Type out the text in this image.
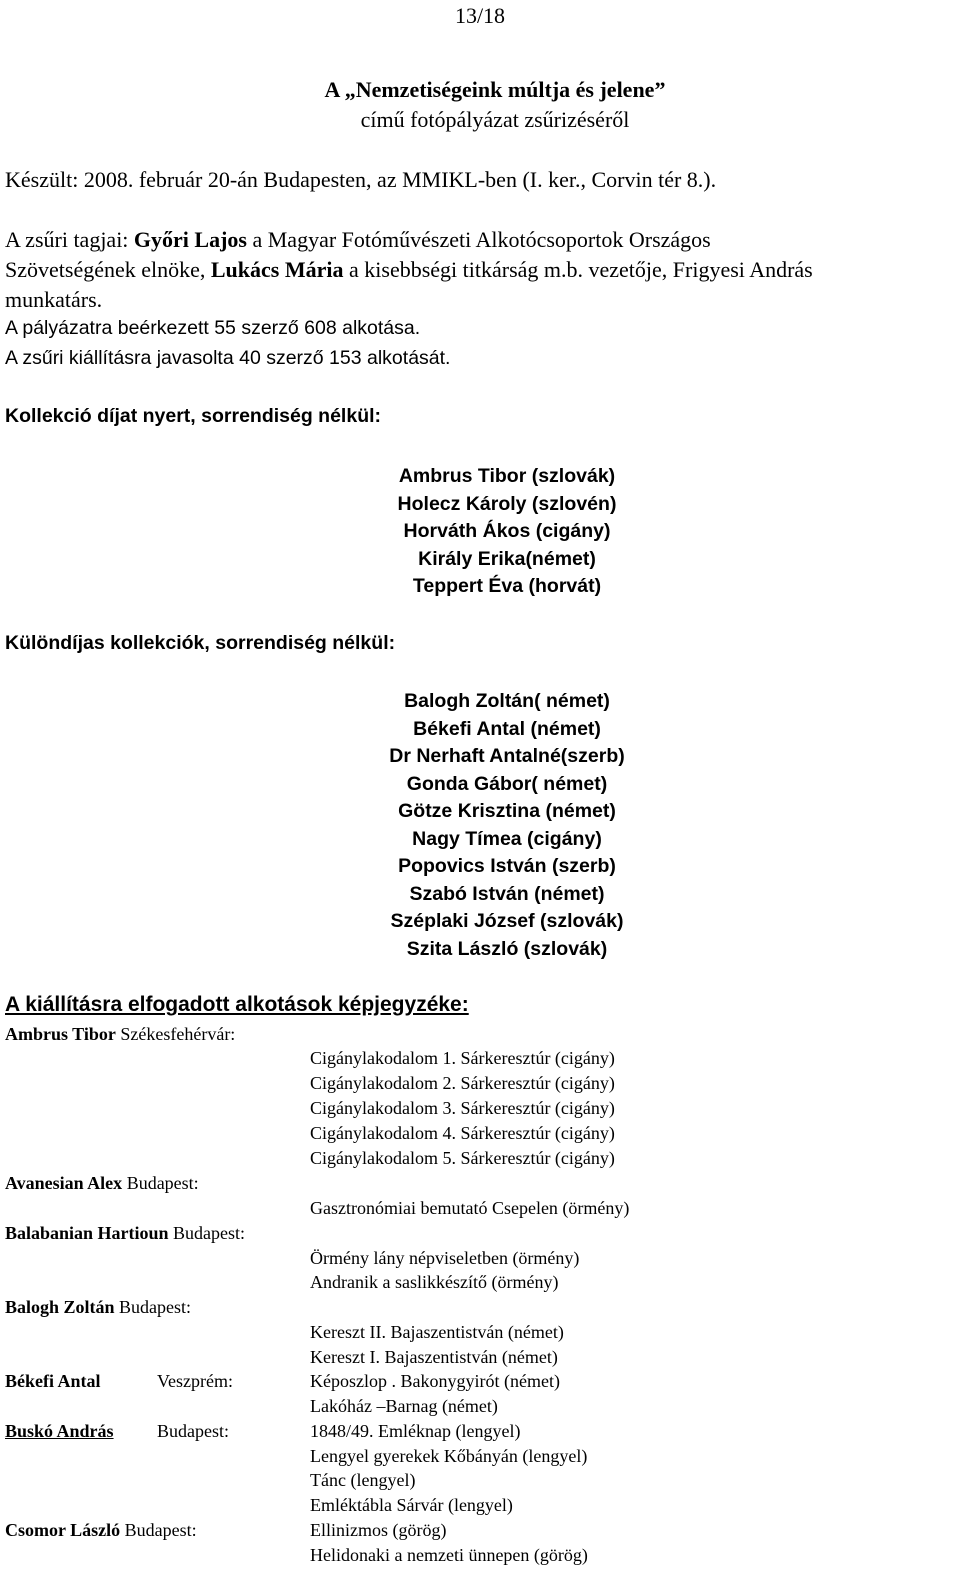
13/18
A „Nemzetiségeink múltja és jelene”
című fotópályázat zsűrizéséről
Készült: 2008. február 20-án Budapesten, az MMIKL-ben (I. ker., Corvin tér 8.).
A zsűri tagjai: Győri Lajos a Magyar Fotóművészeti Alkotócsoportok Országos
Szövetségének elnöke, Lukács Mária a kisebbségi titkárság m.b. vezetője, Frigyesi András
munkatárs.
A pályázatra beérkezett 55 szerző 608 alkotása.
A zsűri kiállításra javasolta 40 szerző 153 alkotását.
Kollekció díjat nyert, sorrendiség nélkül:
Ambrus Tibor (szlovák)
Holecz Károly (szlovén)
Horváth Ákos (cigány)
Király Erika(német)
Teppert Éva (horvát)
Különdíjas kollekciók, sorrendiség nélkül:
Balogh Zoltán( német)
Békefi Antal (német)
Dr Nerhaft Antalné(szerb)
Gonda Gábor( német)
Götze Krisztina (német)
Nagy Tímea (cigány)
Popovics István (szerb)
Szabó István (német)
Széplaki József (szlovák)
Szita László (szlovák)
A kiállításra elfogadott alkotások képjegyzéke:
Ambrus Tibor Székesfehérvár:
Cigánylakodalom 1. Sárkeresztúr (cigány)
Cigánylakodalom 2. Sárkeresztúr (cigány)
Cigánylakodalom 3. Sárkeresztúr (cigány)
Cigánylakodalom 4. Sárkeresztúr (cigány)
Cigánylakodalom 5. Sárkeresztúr (cigány)
Avanesian Alex Budapest:
Gasztronómiai bemutató Csepelen (örmény)
Balabanian Hartioun Budapest:
Örmény lány népviseletben (örmény)
Andranik a saslikkészítő (örmény)
Balogh Zoltán Budapest:
Kereszt II. Bajaszentistván (német)
Kereszt I. Bajaszentistván (német)
Békefi Antal	Veszprém:	Képoszlop . Bakonygyirót (német)
Lakóház –Barnag (német)
Buskó András Budapest:	1848/49. Emléknap (lengyel)
Lengyel gyerekek Kőbányán (lengyel)
Tánc (lengyel)
Emléktábla Sárvár (lengyel)
Csomor László Budapest:	Ellinizmos (görög)
Helidonaki a nemzeti ünnepen (görög)
